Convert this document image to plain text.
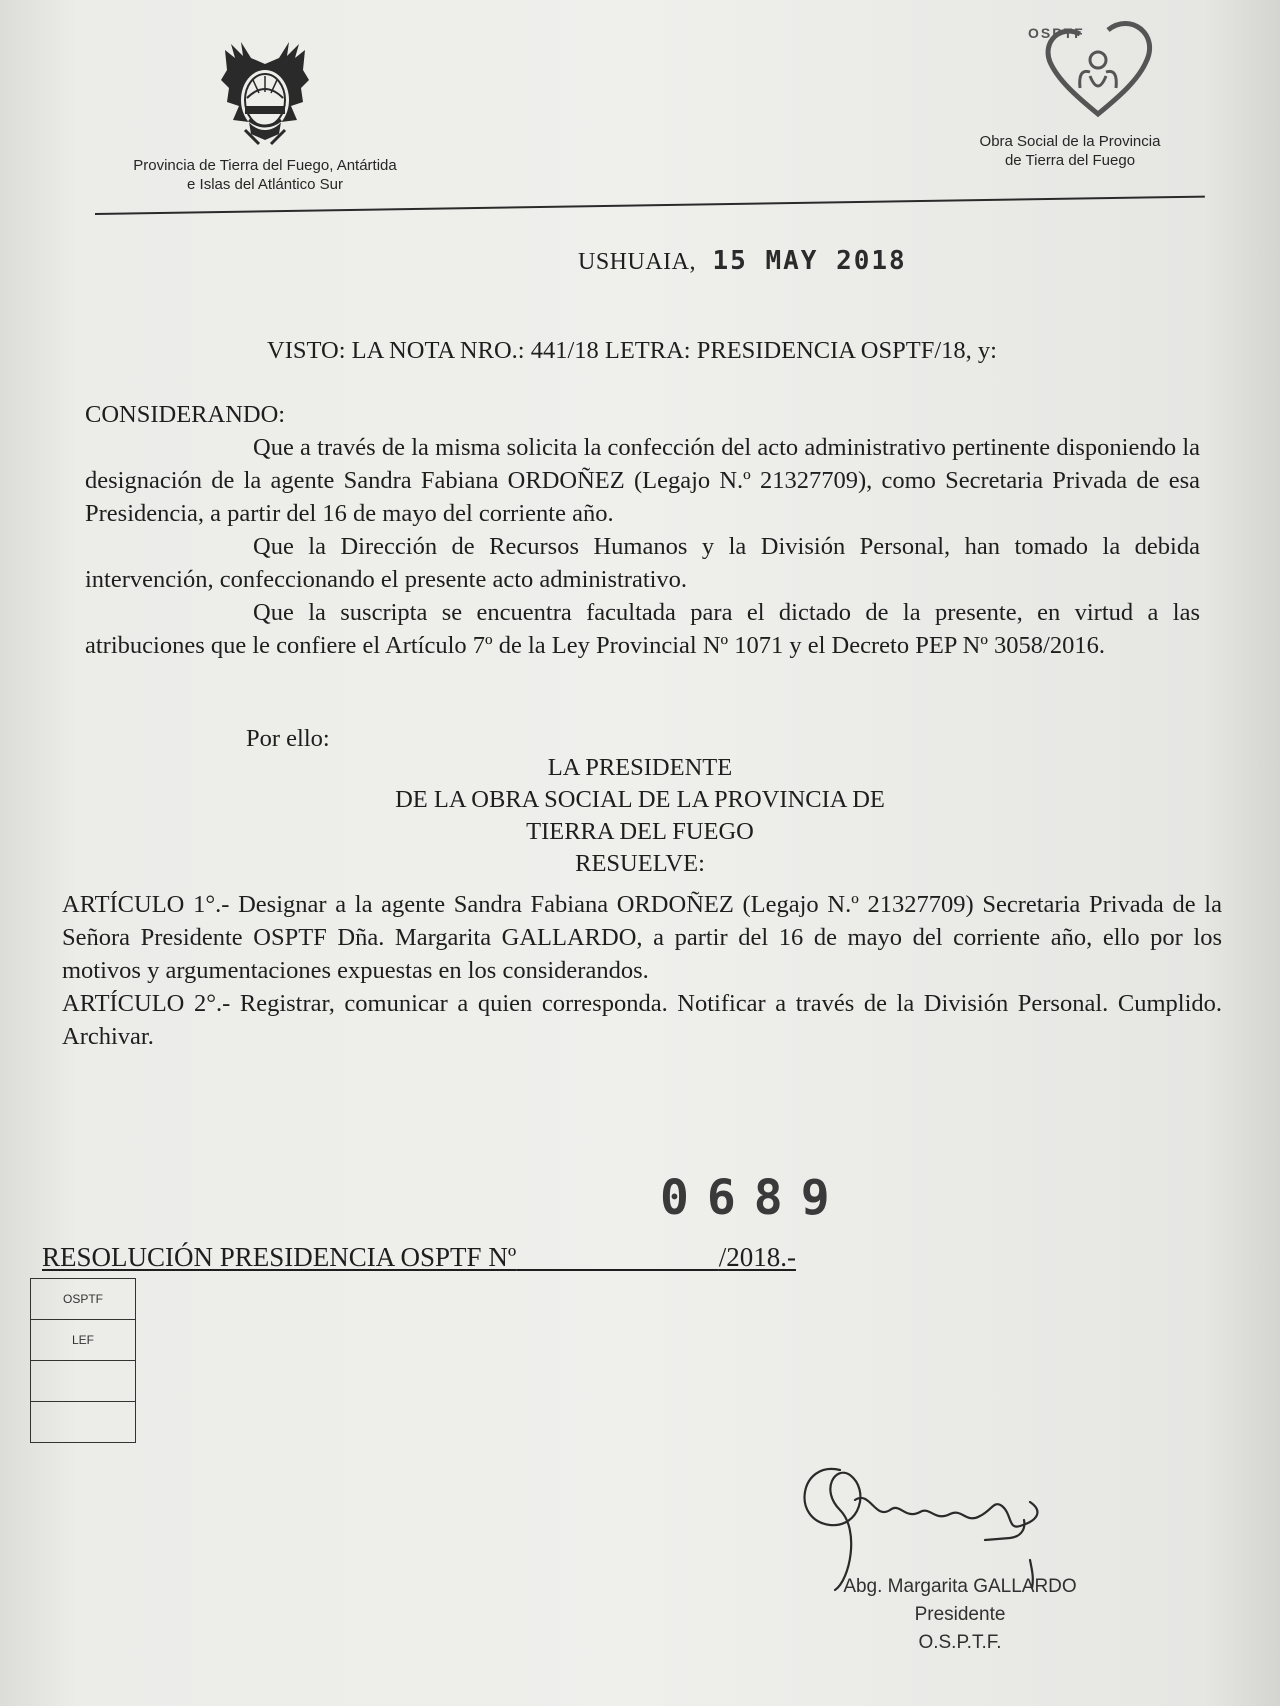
Provincia de Tierra del Fuego, Antártida
e Islas del Atlántico Sur
OSPTF
Obra Social de la Provincia
de Tierra del Fuego
USHUAIA, 15 MAY 2018
VISTO: LA NOTA NRO.: 441/18 LETRA: PRESIDENCIA OSPTF/18, y:

CONSIDERANDO:

Que a través de la misma solicita la confección del acto administrativo pertinente disponiendo la designación de la agente Sandra Fabiana ORDOÑEZ (Legajo N.º 21327709), como Secretaria Privada de esa Presidencia, a partir del 16 de mayo del corriente año.

Que la Dirección de Recursos Humanos y la División Personal, han tomado la debida intervención, confeccionando el presente acto administrativo.

Que la suscripta se encuentra facultada para el dictado de la presente, en virtud a las atribuciones que le confiere el Artículo 7º de la Ley Provincial Nº 1071 y el Decreto PEP Nº 3058/2016.

Por ello:
LA PRESIDENTE
DE LA OBRA SOCIAL DE LA PROVINCIA DE
TIERRA DEL FUEGO
RESUELVE:

ARTÍCULO 1°.- Designar a la agente Sandra Fabiana ORDOÑEZ (Legajo N.º 21327709) Secretaria Privada de la Señora Presidente OSPTF Dña. Margarita GALLARDO, a partir del 16 de mayo del corriente año, ello por los motivos y argumentaciones expuestas en los considerandos.

ARTÍCULO 2°.- Registrar, comunicar a quien corresponda. Notificar a través de la División Personal. Cumplido. Archivar.

0689
RESOLUCIÓN PRESIDENCIA OSPTF Nº	/2018.-
OSPTF
LEF

Abg. Margarita GALLARDO
Presidente
O.S.P.T.F.
